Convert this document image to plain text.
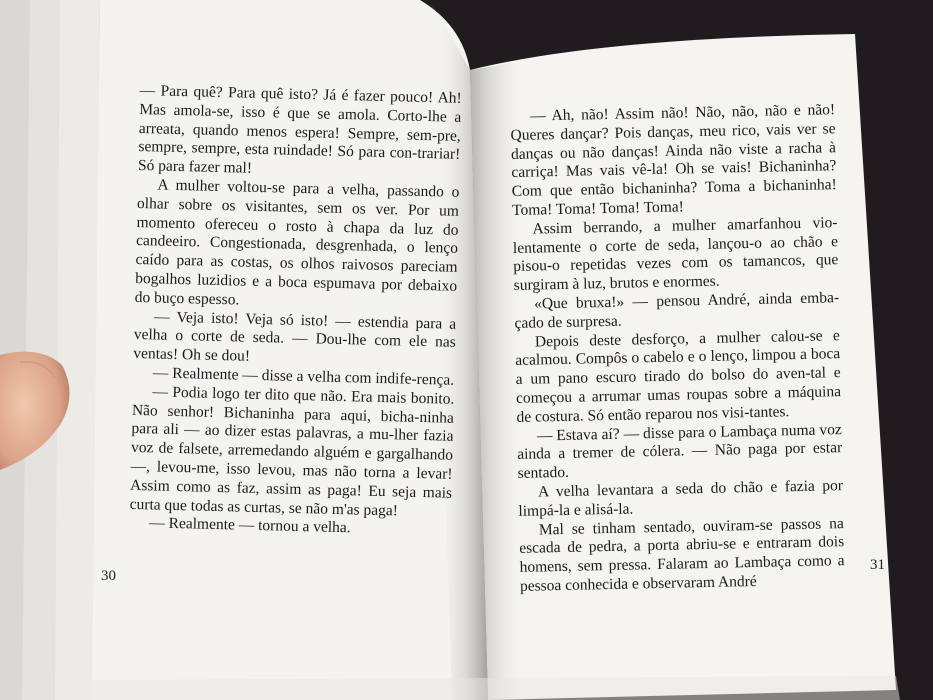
— Para quê? Para quê isto? Já é fazer pouco! Ah! Mas amola-se, isso é que se amola. Corto-lhe a arreata, quando menos espera! Sempre, sem-pre, sempre, sempre, esta ruindade! Só para con-trariar! Só para fazer mal!

A mulher voltou-se para a velha, passando o olhar sobre os visitantes, sem os ver. Por um momento ofereceu o rosto à chapa da luz do candeeiro. Congestionada, desgrenhada, o lenço caído para as costas, os olhos raivosos pareciam bogalhos luzidios e a boca espumava por debaixo do buço espesso.

— Veja isto! Veja só isto! — estendia para a velha o corte de seda. — Dou-lhe com ele nas ventas! Oh se dou!

— Realmente — disse a velha com indife-rença.

— Podia logo ter dito que não. Era mais bonito. Não senhor! Bichaninha para aqui, bicha-ninha para ali — ao dizer estas palavras, a mu-lher fazia voz de falsete, arremedando alguém e gargalhando —, levou-me, isso levou, mas não torna a levar! Assim como as faz, assim as paga! Eu seja mais curta que todas as curtas, se não m'as paga!

— Realmente — tornou a velha.

30

— Ah, não! Assim não! Não, não, não e não! Queres dançar? Pois danças, meu rico, vais ver se danças ou não danças! Ainda não viste a racha à carriça! Mas vais vê-la! Oh se vais! Bichaninha? Com que então bichaninha? Toma a bichaninha! Toma! Toma! Toma! Toma!

Assim berrando, a mulher amarfanhou vio-lentamente o corte de seda, lançou-o ao chão e pisou-o repetidas vezes com os tamancos, que surgiram à luz, brutos e enormes.

«Que bruxa!» — pensou André, ainda emba-çado de surpresa.

Depois deste desforço, a mulher calou-se e acalmou. Compôs o cabelo e o lenço, limpou a boca a um pano escuro tirado do bolso do aven-tal e começou a arrumar umas roupas sobre a máquina de costura. Só então reparou nos visi-tantes.

— Estava aí? — disse para o Lambaça numa voz ainda a tremer de cólera. — Não paga por estar sentado.

A velha levantara a seda do chão e fazia por limpá-la e alisá-la.

Mal se tinham sentado, ouviram-se passos na escada de pedra, a porta abriu-se e entraram dois homens, sem pressa. Falaram ao Lambaça como a pessoa conhecida e observaram André

31
